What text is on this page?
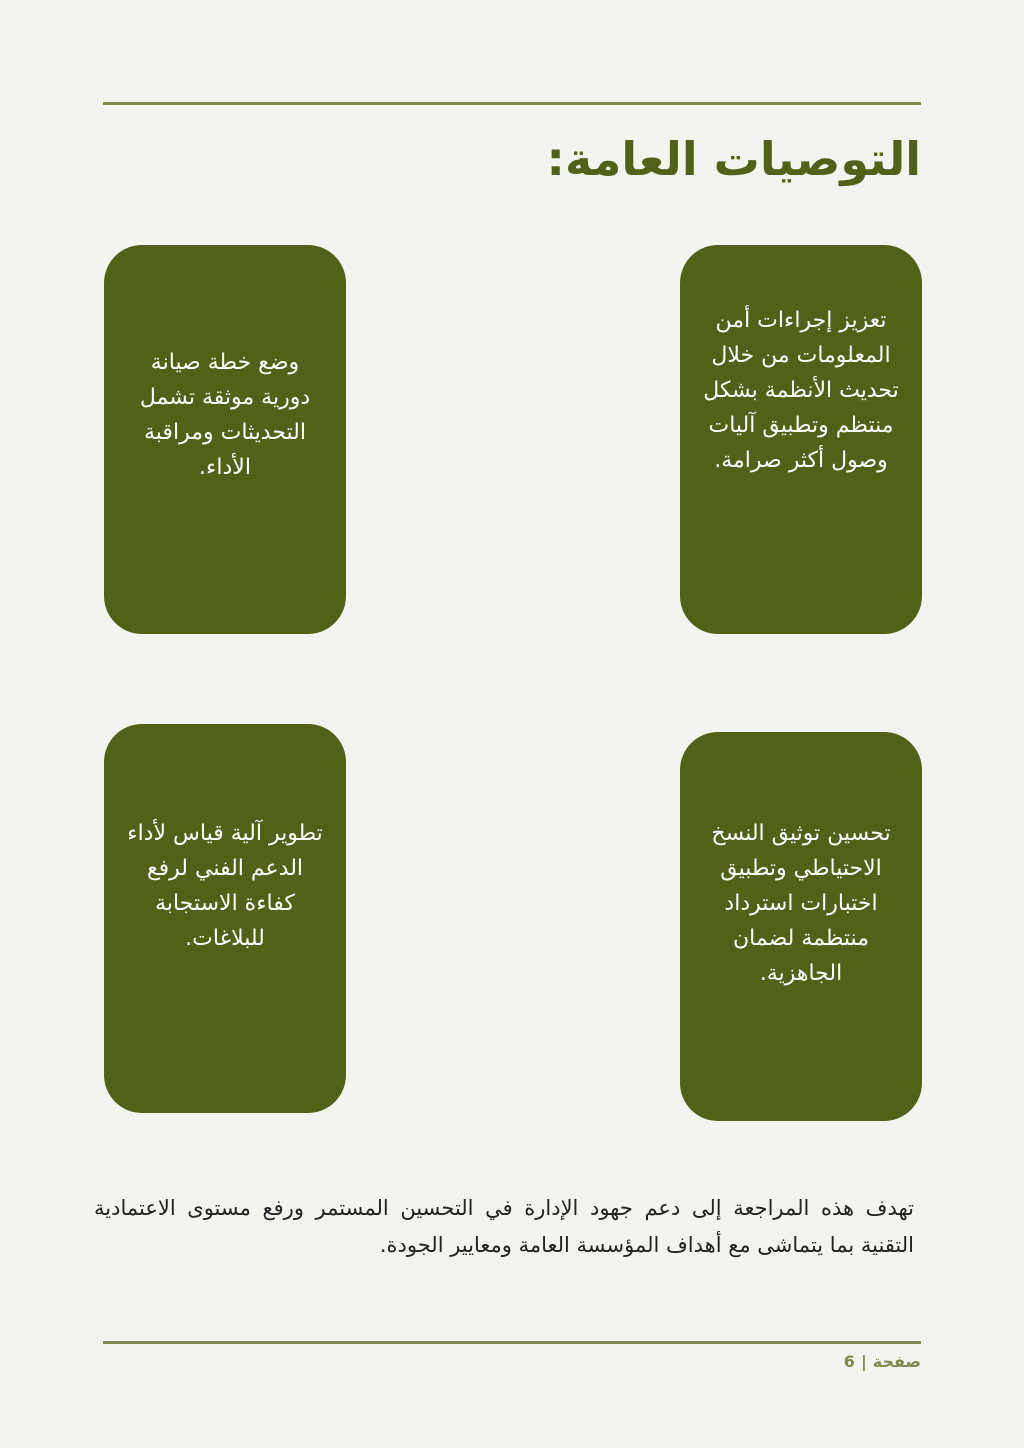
التوصيات العامة:
تعزيز إجراءات أمن المعلومات من خلال تحديث الأنظمة بشكل منتظم وتطبيق آليات وصول أكثر صرامة.
وضع خطة صيانة دورية موثقة تشمل التحديثات ومراقبة الأداء.
تحسين توثيق النسخ الاحتياطي وتطبيق اختبارات استرداد منتظمة لضمان الجاهزية.
تطوير آلية قياس لأداء الدعم الفني لرفع كفاءة الاستجابة للبلاغات.

تهدف هذه المراجعة إلى دعم جهود الإدارة في التحسين المستمر ورفع مستوى الاعتمادية التقنية بما يتماشى مع أهداف المؤسسة العامة ومعايير الجودة.

صفحة|6
